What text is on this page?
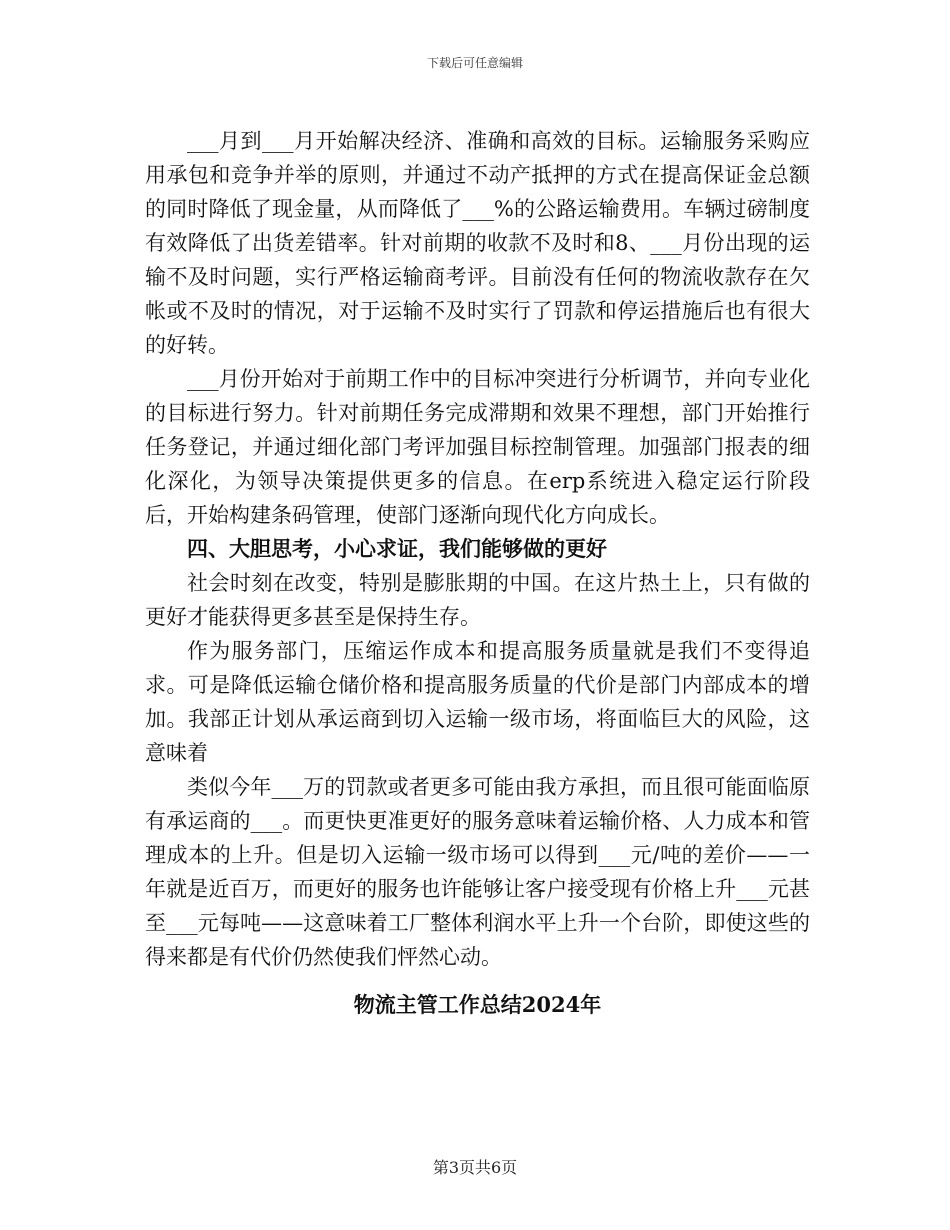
下载后可任意编辑

___月到___月开始解决经济、准确和高效的目标。运输服务采购应用承包和竞争并举的原则，并通过不动产抵押的方式在提高保证金总额的同时降低了现金量，从而降低了___%的公路运输费用。车辆过磅制度有效降低了出货差错率。针对前期的收款不及时和8、___月份出现的运输不及时问题，实行严格运输商考评。目前没有任何的物流收款存在欠帐或不及时的情况，对于运输不及时实行了罚款和停运措施后也有很大的好转。

___月份开始对于前期工作中的目标冲突进行分析调节，并向专业化的目标进行努力。针对前期任务完成滞期和效果不理想，部门开始推行任务登记，并通过细化部门考评加强目标控制管理。加强部门报表的细化深化，为领导决策提供更多的信息。在erp系统进入稳定运行阶段后，开始构建条码管理，使部门逐渐向现代化方向成长。

四、大胆思考，小心求证，我们能够做的更好

社会时刻在改变，特别是膨胀期的中国。在这片热土上，只有做的更好才能获得更多甚至是保持生存。

作为服务部门，压缩运作成本和提高服务质量就是我们不变得追求。可是降低运输仓储价格和提高服务质量的代价是部门内部成本的增加。我部正计划从承运商到切入运输一级市场，将面临巨大的风险，这意味着

类似今年___万的罚款或者更多可能由我方承担，而且很可能面临原有承运商的___。而更快更准更好的服务意味着运输价格、人力成本和管理成本的上升。但是切入运输一级市场可以得到___元/吨的差价——一年就是近百万，而更好的服务也许能够让客户接受现有价格上升___元甚至___元每吨——这意味着工厂整体利润水平上升一个台阶，即使这些的得来都是有代价仍然使我们怦然心动。

物流主管工作总结2024年

第3页共6页
